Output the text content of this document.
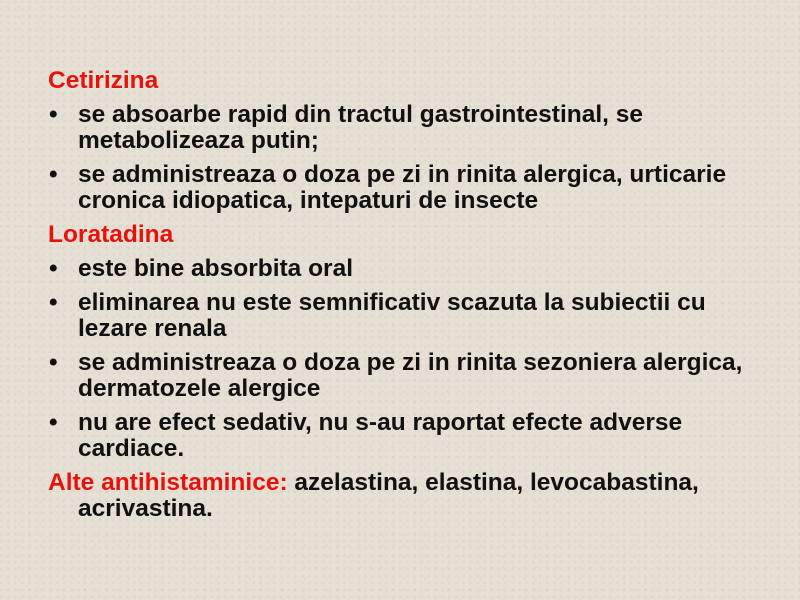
Cetirizina
• se absoarbe rapid din tractul gastrointestinal, se metabolizeaza putin;
• se administreaza o doza pe zi in rinita alergica, urticarie cronica idiopatica, intepaturi de insecte
Loratadina
• este bine absorbita oral
• eliminarea nu este semnificativ scazuta la subiectii cu lezare renala
• se administreaza o doza pe zi in rinita sezoniera alergica, dermatozele alergice
• nu are efect sedativ, nu s-au raportat efecte adverse cardiace.

Alte antihistaminice: azelastina, elastina, levocabastina, acrivastina.
